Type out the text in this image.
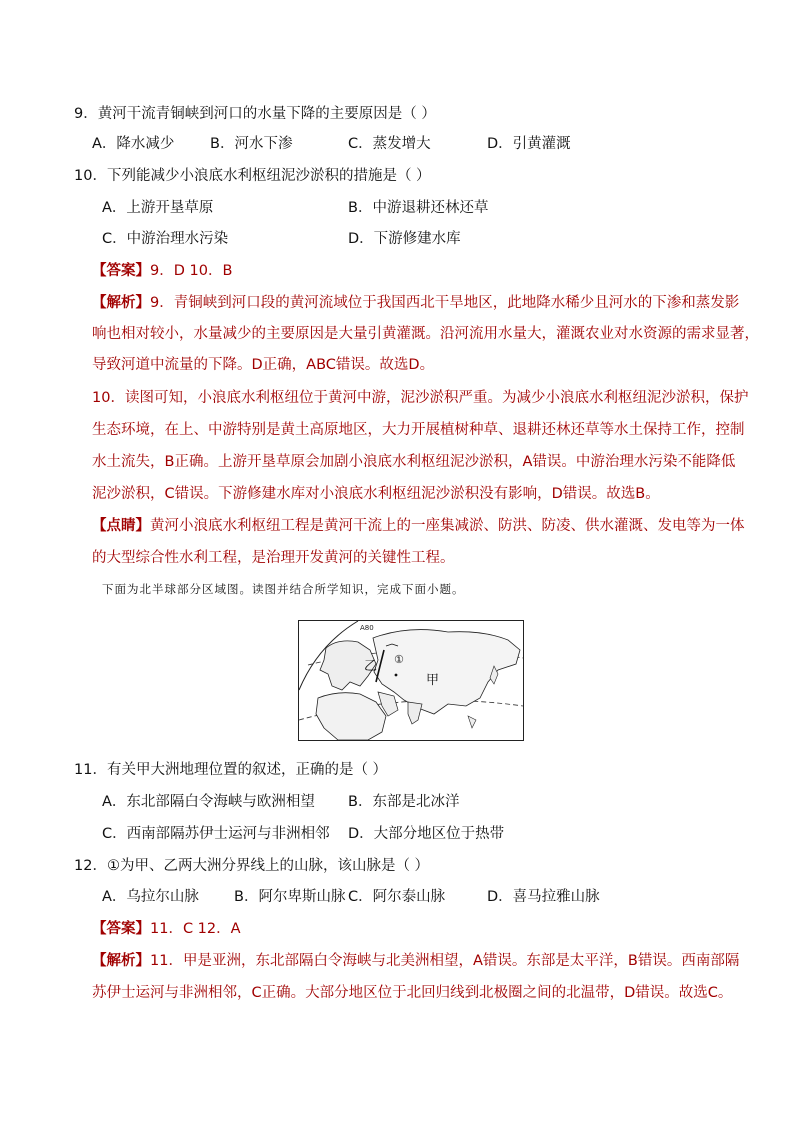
9．黄河干流青铜峡到河口的水量下降的主要原因是（ ）
A．降水减少 B．河水下渗	C．蒸发增大	D．引黄灌溉
10．下列能减少小浪底水利枢纽泥沙淤积的措施是（ ）
A．上游开垦草原	B．中游退耕还林还草
C．中游治理水污染	D．下游修建水库
【答案】9．D 10．B
【解析】9．青铜峡到河口段的黄河流域位于我国西北干旱地区，此地降水稀少且河水的下渗和蒸发影
响也相对较小，水量减少的主要原因是大量引黄灌溉。沿河流用水量大，灌溉农业对水资源的需求显著，
导致河道中流量的下降。D正确，ABC错误。故选D。
10．读图可知，小浪底水利枢纽位于黄河中游，泥沙淤积严重。为减少小浪底水利枢纽泥沙淤积，保护
生态环境，在上、中游特别是黄土高原地区，大力开展植树种草、退耕还林还草等水土保持工作，控制
水土流失，B正确。上游开垦草原会加剧小浪底水利枢纽泥沙淤积，A错误。中游治理水污染不能降低
泥沙淤积，C错误。下游修建水库对小浪底水利枢纽泥沙淤积没有影响，D错误。故选B。
【点睛】黄河小浪底水利枢纽工程是黄河干流上的一座集减淤、防洪、防凌、供水灌溉、发电等为一体
的大型综合性水利工程，是治理开发黄河的关键性工程。
下面为北半球部分区域图。读图并结合所学知识，完成下面小题。
A80
①
乙
甲
11．有关甲大洲地理位置的叙述，正确的是（ ）
A．东北部隔白令海峡与欧洲相望 B．东部是北冰洋
C．西南部隔苏伊士运河与非洲相邻 D．大部分地区位于热带
12．①为甲、乙两大洲分界线上的山脉，该山脉是（ ）
A．乌拉尔山脉 B．阿尔卑斯山脉 C．阿尔泰山脉	D．喜马拉雅山脉
【答案】11．C 12．A
【解析】11．甲是亚洲，东北部隔白令海峡与北美洲相望，A错误。东部是太平洋，B错误。西南部隔
苏伊士运河与非洲相邻，C正确。大部分地区位于北回归线到北极圈之间的北温带，D错误。故选C。
